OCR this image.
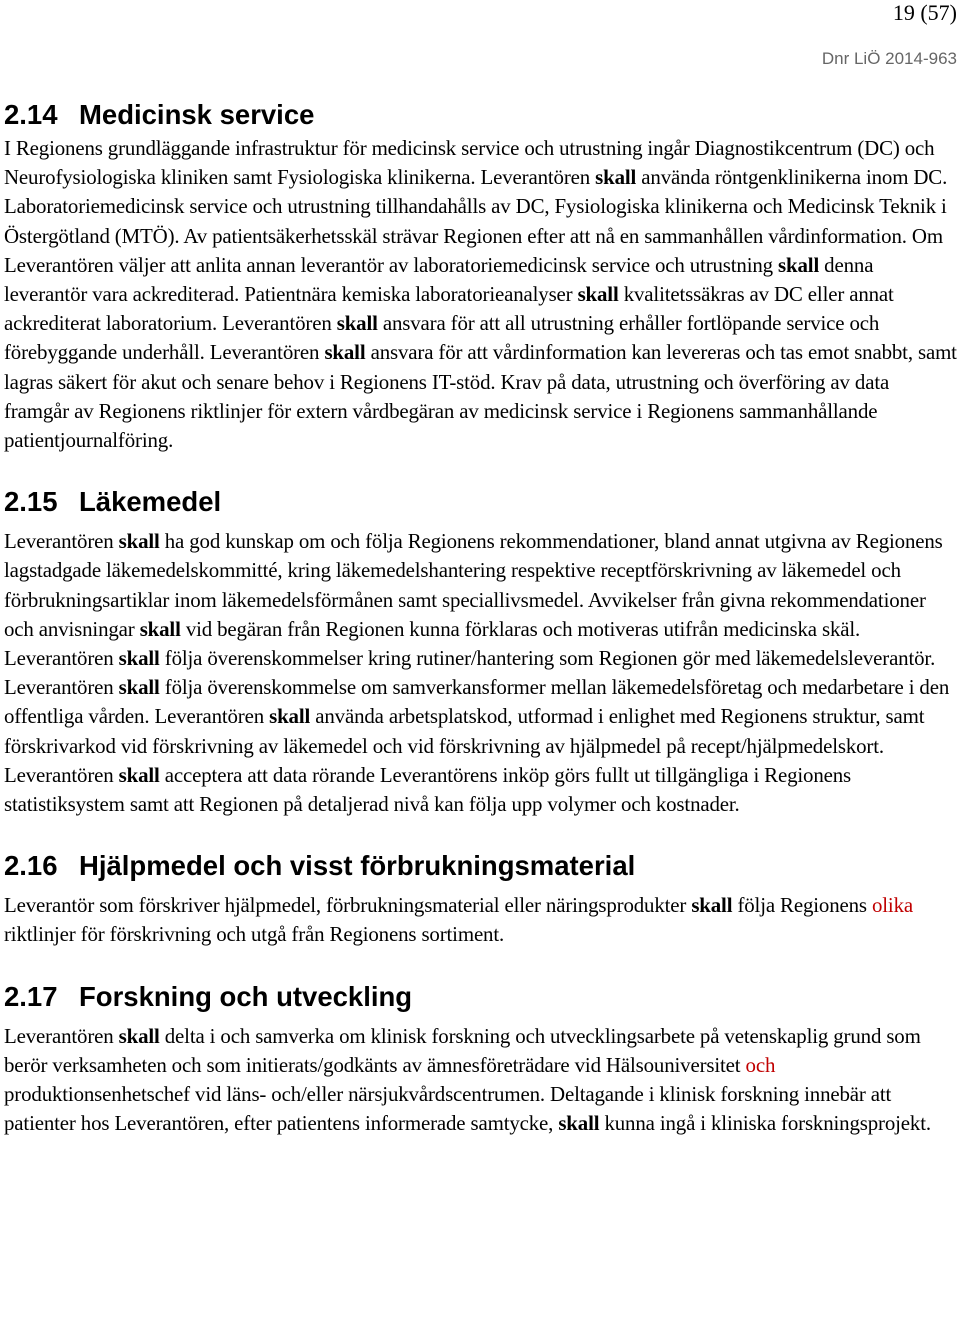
19 (57)
Dnr LiÖ 2014-963
2.14 Medicinsk service

I Regionens grundläggande infrastruktur för medicinsk service och utrustning ingår Diagnostikcentrum (DC) och Neurofysiologiska kliniken samt Fysiologiska klinikerna. Leverantören skall använda röntgenklinikerna inom DC. Laboratoriemedicinsk service och utrustning tillhandahålls av DC, Fysiologiska klinikerna och Medicinsk Teknik i Östergötland (MTÖ). Av patientsäkerhetsskäl strävar Regionen efter att nå en sammanhållen vårdinformation. Om Leverantören väljer att anlita annan leverantör av laboratoriemedicinsk service och utrustning skall denna leverantör vara ackrediterad. Patientnära kemiska laboratorieanalyser skall kvalitetssäkras av DC eller annat ackrediterat laboratorium. Leverantören skall ansvara för att all utrustning erhåller fortlöpande service och förebyggande underhåll. Leverantören skall ansvara för att vårdinformation kan levereras och tas emot snabbt, samt lagras säkert för akut och senare behov i Regionens IT-stöd. Krav på data, utrustning och överföring av data framgår av Regionens riktlinjer för extern vårdbegäran av medicinsk service i Regionens sammanhållande patientjournalföring.

2.15 Läkemedel

Leverantören skall ha god kunskap om och följa Regionens rekommendationer, bland annat utgivna av Regionens lagstadgade läkemedelskommitté, kring läkemedelshantering respektive receptförskrivning av läkemedel och förbrukningsartiklar inom läkemedelsförmånen samt speciallivsmedel. Avvikelser från givna rekommendationer och anvisningar skall vid begäran från Regionen kunna förklaras och motiveras utifrån medicinska skäl. Leverantören skall följa överenskommelser kring rutiner/hantering som Regionen gör med läkemedelsleverantör. Leverantören skall följa överenskommelse om samverkansformer mellan läkemedelsföretag och medarbetare i den offentliga vården. Leverantören skall använda arbetsplatskod, utformad i enlighet med Regionens struktur, samt förskrivarkod vid förskrivning av läkemedel och vid förskrivning av hjälpmedel på recept/hjälpmedelskort. Leverantören skall acceptera att data rörande Leverantörens inköp görs fullt ut tillgängliga i Regionens statistiksystem samt att Regionen på detaljerad nivå kan följa upp volymer och kostnader.

2.16 Hjälpmedel och visst förbrukningsmaterial

Leverantör som förskriver hjälpmedel, förbrukningsmaterial eller näringsprodukter skall följa Regionens olika riktlinjer för förskrivning och utgå från Regionens sortiment.

2.17 Forskning och utveckling

Leverantören skall delta i och samverka om klinisk forskning och utvecklingsarbete på vetenskaplig grund som berör verksamheten och som initierats/godkänts av ämnesföreträdare vid Hälsouniversitet och produktionsenhetschef vid läns- och/eller närsjukvårdscentrumen. Deltagande i klinisk forskning innebär att patienter hos Leverantören, efter patientens informerade samtycke, skall kunna ingå i kliniska forskningsprojekt.
